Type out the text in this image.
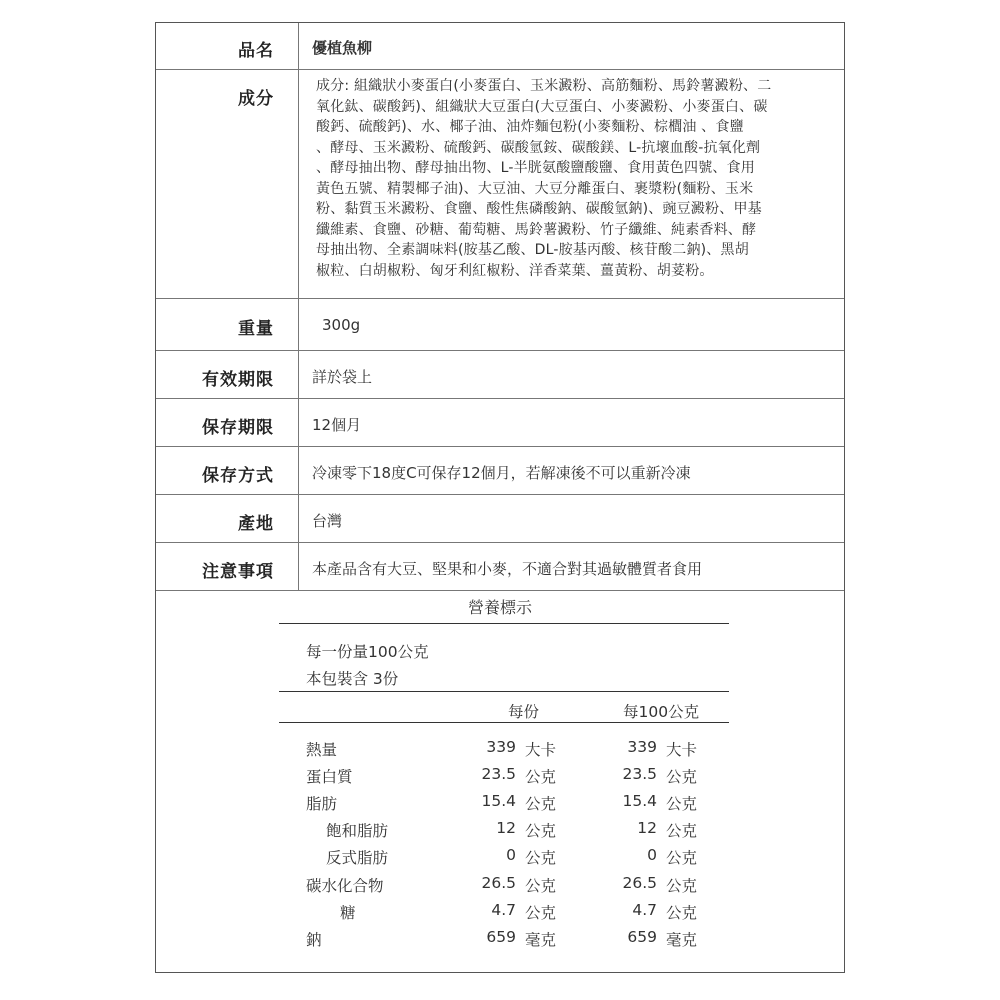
品名	優植魚柳
成分
成分: 組織狀小麥蛋白(小麥蛋白、玉米澱粉、高筋麵粉、馬鈴薯澱粉、二
氧化鈦、碳酸鈣)、組織狀大豆蛋白(大豆蛋白、小麥澱粉、小麥蛋白、碳
酸鈣、硫酸鈣)、水、椰子油、油炸麵包粉(小麥麵粉、棕櫚油 、食鹽
、酵母、玉米澱粉、硫酸鈣、碳酸氫銨、碳酸鎂、L-抗壞血酸-抗氧化劑
、酵母抽出物、酵母抽出物、L-半胱氨酸鹽酸鹽、食用黃色四號、食用
黃色五號、精製椰子油)、大豆油、大豆分離蛋白、裹漿粉(麵粉、玉米
粉、黏質玉米澱粉、食鹽、酸性焦磷酸鈉、碳酸氫鈉)、豌豆澱粉、甲基
纖維素、食鹽、砂糖、葡萄糖、馬鈴薯澱粉、竹子纖維、純素香料、酵
母抽出物、全素調味料(胺基乙酸、DL-胺基丙酸、核苷酸二鈉)、黑胡
椒粒、白胡椒粉、匈牙利紅椒粉、洋香菜葉、薑黃粉、胡荽粉。
重量	300g
有效期限	詳於袋上
保存期限	12個月
保存方式	冷凍零下18度C可保存12個月，若解凍後不可以重新冷凍
產地	台灣
注意事項	本產品含有大豆、堅果和小麥，不適合對其過敏體質者食用
營養標示
每一份量100公克
本包裝含 3份
每份	每100公克
熱量	339 大卡	339 大卡
蛋白質	23.5 公克	23.5 公克
脂肪	15.4 公克	15.4 公克
飽和脂肪	12 公克	12 公克
反式脂肪	0 公克	0 公克
碳水化合物	26.5 公克	26.5 公克
糖	4.7 公克	4.7 公克
鈉	659 毫克	659 毫克
